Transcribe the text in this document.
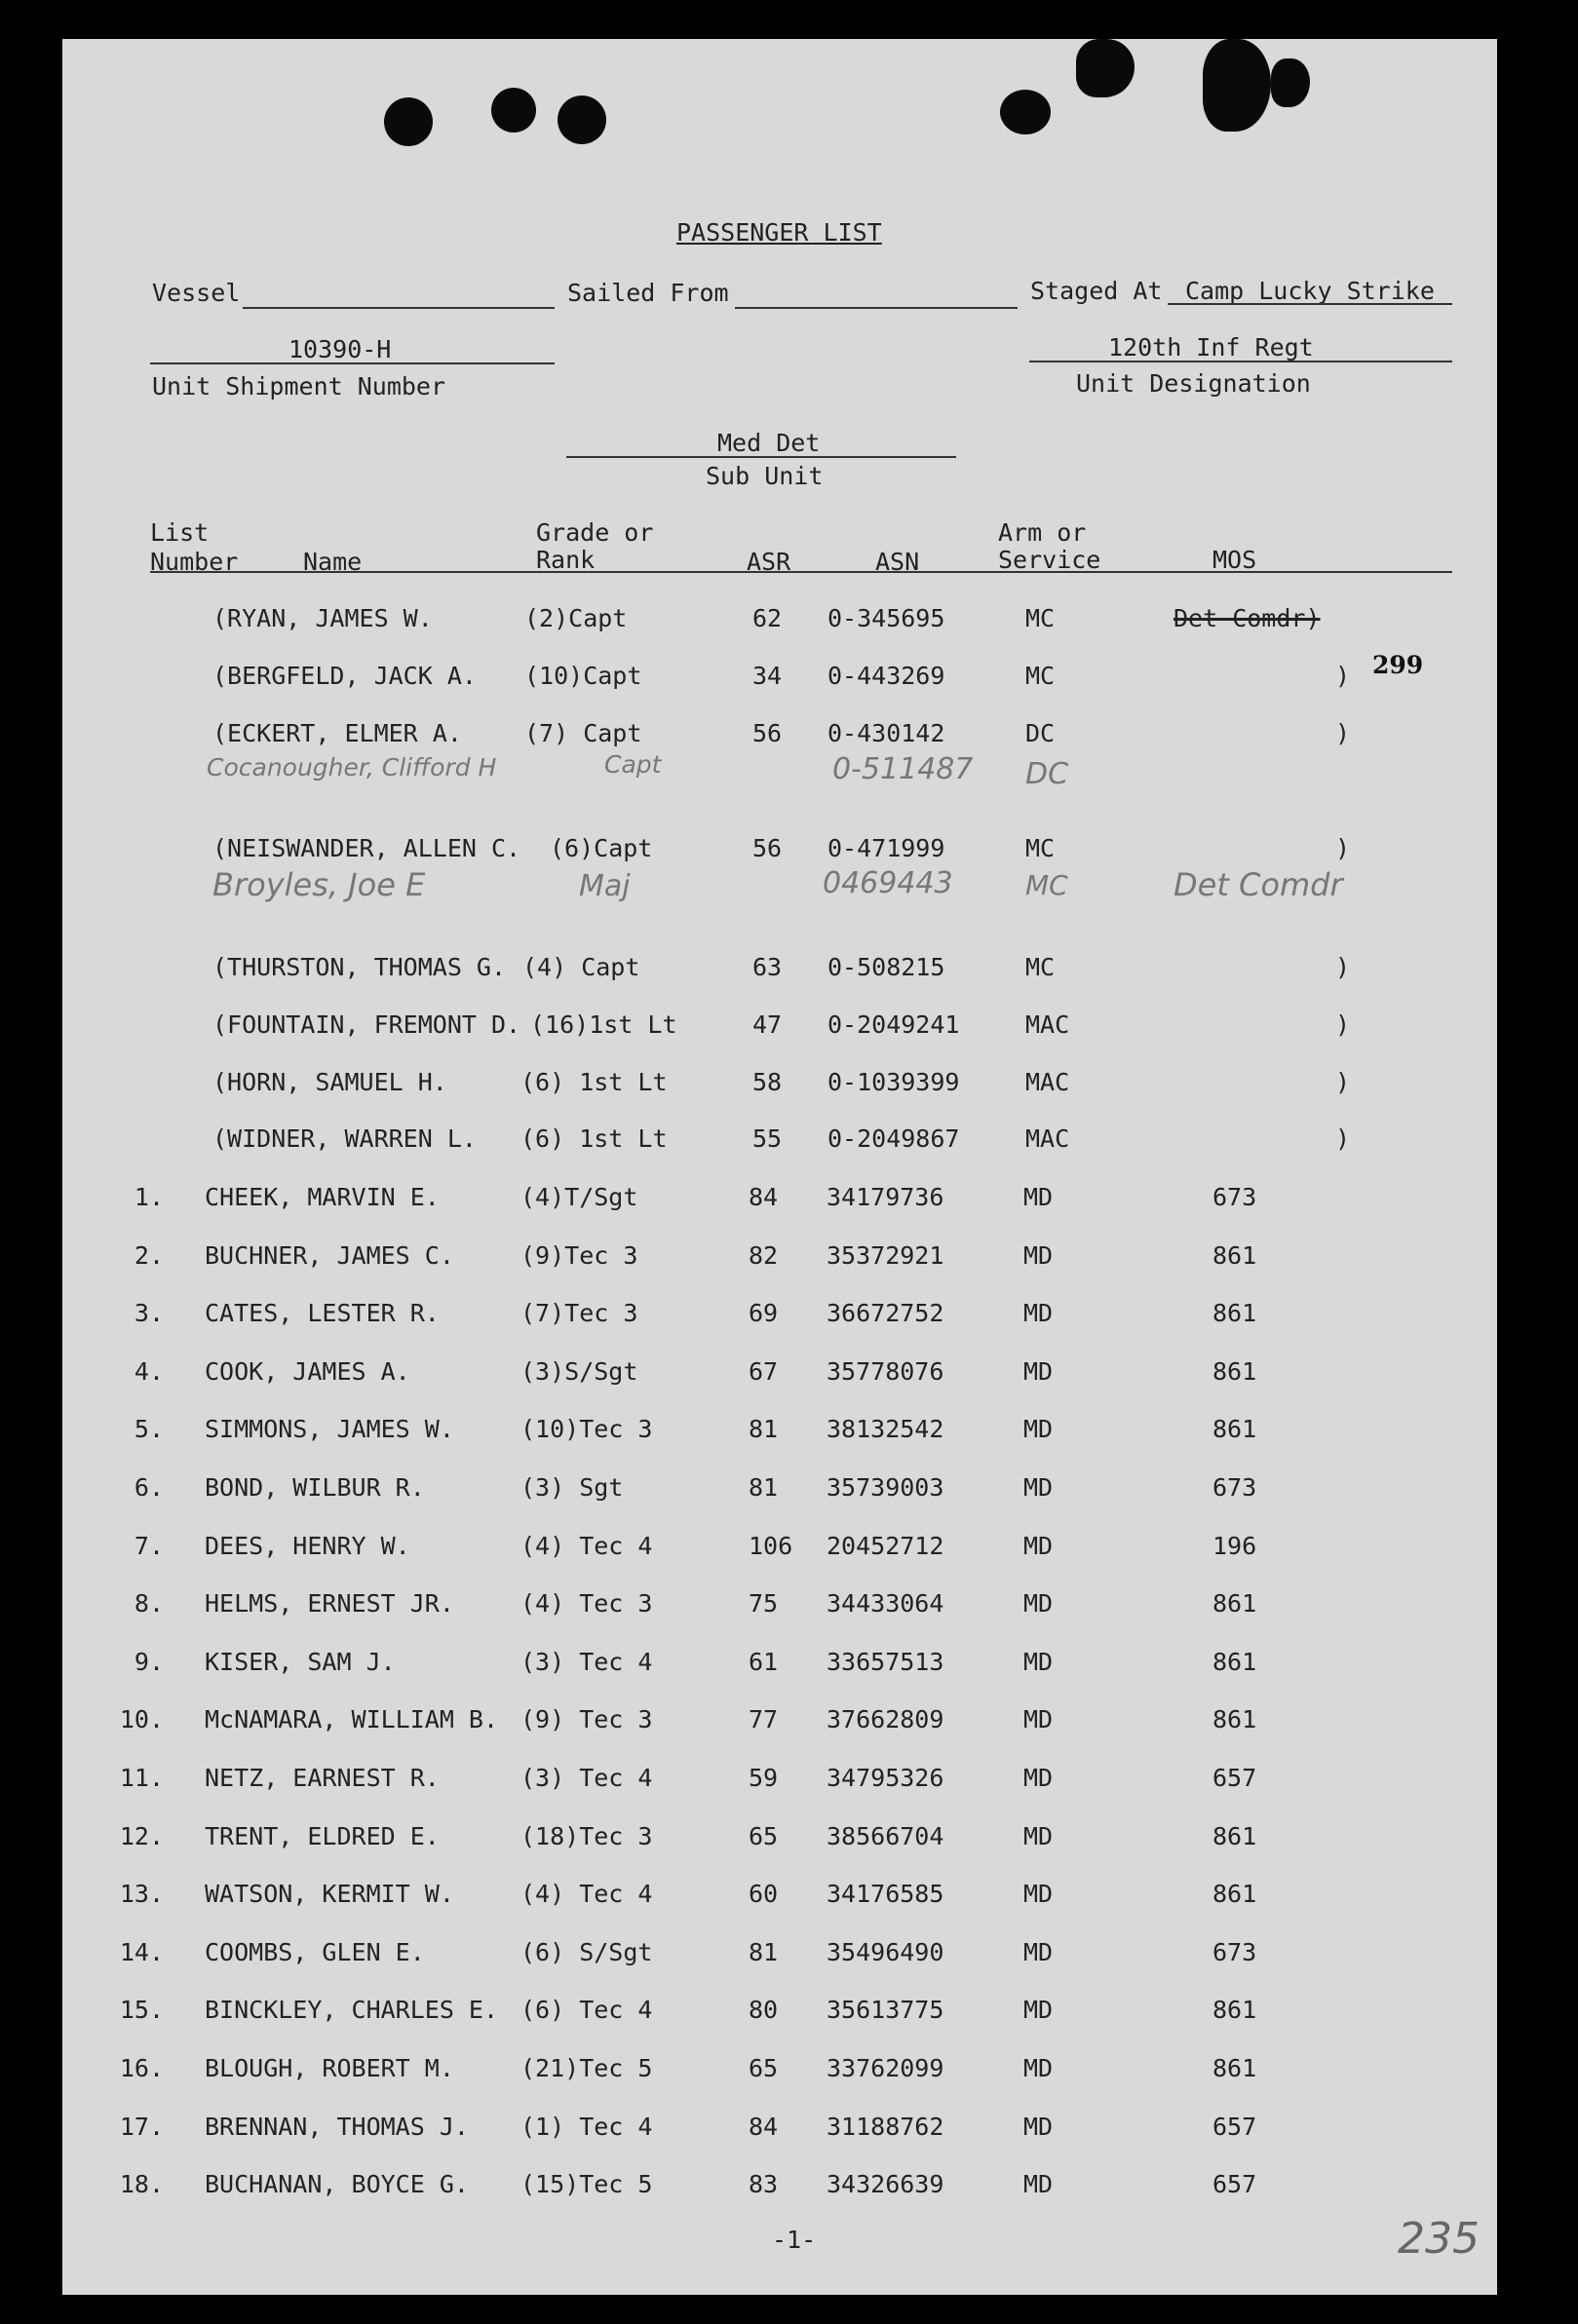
PASSENGER LIST
Vessel	Sailed From	Staged At Camp Lucky Strike
10390-H
Unit Shipment Number
120th Inf Regt
Unit Designation
Med Det
Sub Unit
List
Number	Name
Grade or
Rank	ASR	ASN
Arm or
Service	MOS
(RYAN, JAMES W.	(2)Capt	62 0-345695	MC	Det Comdr)
(BERGFELD, JACK A. (10)Capt	34 0-443269	MC	) 299
(ECKERT, ELMER A.	(7) Capt	56 0-430142	DC	)
Cocanougher, Clifford H	Capt	0-511487 DC
(NEISWANDER, ALLEN C. (6)Capt	56 0-471999	MC	)
Broyles, Joe E	Maj	0469443	MC	Det Comdr
(THURSTON, THOMAS G. (4) Capt	63 0-508215	MC	)
(FOUNTAIN, FREMONT D. (16)1st Lt	47 0-2049241	MAC	)
(HORN, SAMUEL H.	(6) 1st Lt	58 0-1039399	MAC	)
(WIDNER, WARREN L. (6) 1st Lt	55 0-2049867	MAC	)
1. CHEEK, MARVIN E.	(4)T/Sgt	84 34179736	MD	673
2. BUCHNER, JAMES C.	(9)Tec 3	82 35372921	MD	861
3. CATES, LESTER R.	(7)Tec 3	69 36672752	MD	861
4. COOK, JAMES A.	(3)S/Sgt	67 35778076	MD	861
5. SIMMONS, JAMES W.	(10)Tec 3	81 38132542	MD	861
6. BOND, WILBUR R.	(3) Sgt	81 35739003	MD	673
7. DEES, HENRY W.	(4) Tec 4	106 20452712	MD	196
8. HELMS, ERNEST JR.	(4) Tec 3	75 34433064	MD	861
9. KISER, SAM J.	(3) Tec 4	61 33657513	MD	861
10. McNAMARA, WILLIAM B. (9) Tec 3	77 37662809	MD	861
11. NETZ, EARNEST R.	(3) Tec 4	59 34795326	MD	657
12. TRENT, ELDRED E.	(18)Tec 3	65 38566704	MD	861
13. WATSON, KERMIT W.	(4) Tec 4	60 34176585	MD	861
14. COOMBS, GLEN E.	(6) S/Sgt	81 35496490	MD	673
15. BINCKLEY, CHARLES E. (6) Tec 4	80 35613775	MD	861
16. BLOUGH, ROBERT M.	(21)Tec 5	65 33762099	MD	861
17. BRENNAN, THOMAS J. (1) Tec 4	84 31188762	MD	657
18. BUCHANAN, BOYCE G. (15)Tec 5	83 34326639	MD	657
-1-	235
